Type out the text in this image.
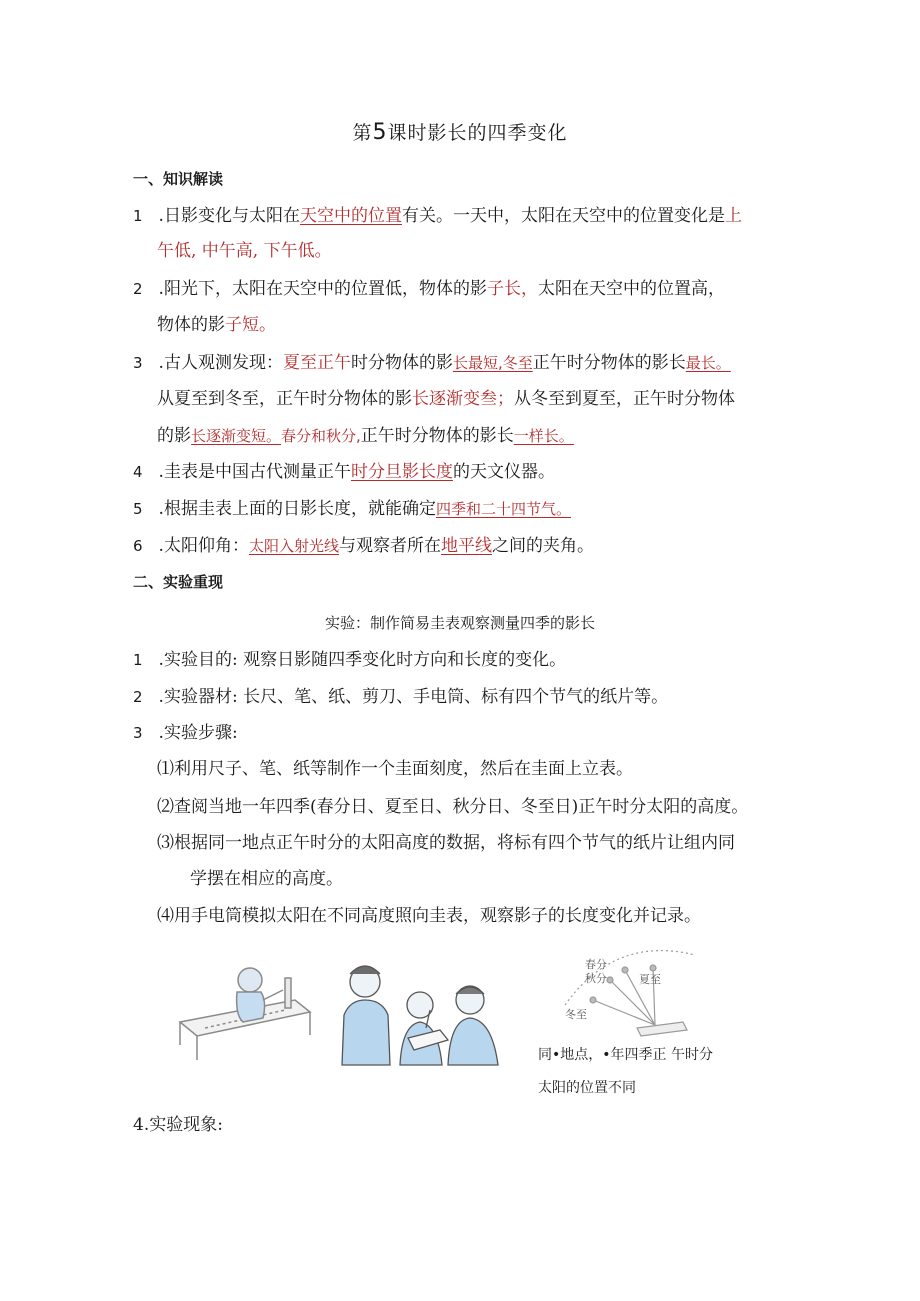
第5课时影长的四季变化
一、知识解读
1 .日影变化与太阳在天空中的位置有关。一天中，太阳在天空中的位置变化是上
午低, 中午高, 下午低。
2 .阳光下，太阳在天空中的位置低，物体的影子长，太阳在天空中的位置高，
物体的影子短。
3 .古人观测发现：夏至正午时分物体的影长最短,冬至正午时分物体的影长最长。
从夏至到冬至，正午时分物体的影长逐渐变叁；从冬至到夏至，正午时分物体
的影长逐渐变短。春分和秋分,正午时分物体的影长一样长。
4 .圭表是中国古代测量正午时分旦影长度的天文仪器。
5 .根据圭表上面的日影长度，就能确定四季和二十四节气。
6 .太阳仰角：太阳入射光线与观察者所在地平线之间的夹角。
二、实验重现
实验：制作简易圭表观察测量四季的影长
1 .实验目的: 观察日影随四季变化时方向和长度的变化。
2 .实验器材: 长尺、笔、纸、剪刀、手电筒、标有四个节气的纸片等。
3 .实验步骤:
⑴利用尺子、笔、纸等制作一个圭面刻度，然后在圭面上立表。
⑵查阅当地一年四季(春分日、夏至日、秋分日、冬至日)正午时分太阳的高度。
⑶根据同一地点正午时分的太阳高度的数据，将标有四个节气的纸片让组内同
学摆在相应的高度。
⑷用手电筒模拟太阳在不同高度照向圭表，观察影子的长度变化并记录。
春分
秋分	夏至
冬至
同•地点，•年四季正 午时分
太阳的位置不同
4.实验现象:
